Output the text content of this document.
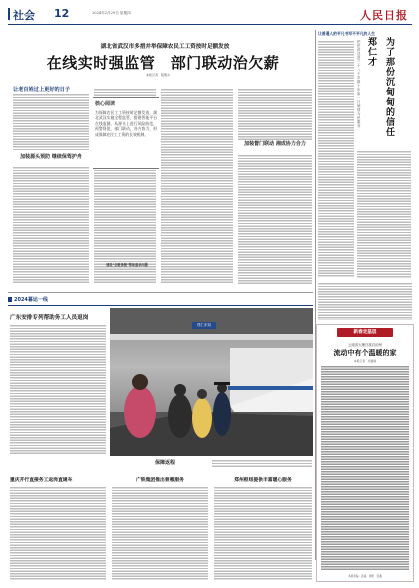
社会 12	2024年2月29日 星期四	人民日报
湖北省武汉市多措并举保障农民工工资按时足额发放
在线实时强监管　部门联动治欠薪
本报记者　程明为
让老百姓过上更好的日子
加装源头预防 继续保驾护舟
核心阅读
为保障农民工工资按时足额发放，湖北武汉实施全程监管，搭建智能平台在线监测，从源头上进行风险防范，预警督促，部门联动，各方协力，形成保障农民工工资的长效机制。
建设"全链条链"帮助遗求问题
加装督门联动 湘成协力合力
让普通人的平凡书写不平凡的人生
郑仁才
为了那份沉甸甸的信任
把医药送进三十八个乡 数十年如一日倾情为民服务
2024暮运一线
广东安排专列帮助务工人员返岗
郑仁东站
保障返程
重庆开行直接务工返岗直通车	广铁集团推出普惠服务	郑州枢纽提供丰富暖心服务
新春走基层
云南省大理白族自治州
流动中有个温暖的家
本报记者　刘嘉峰
本版责编：孙福　钟阳　张鑫
